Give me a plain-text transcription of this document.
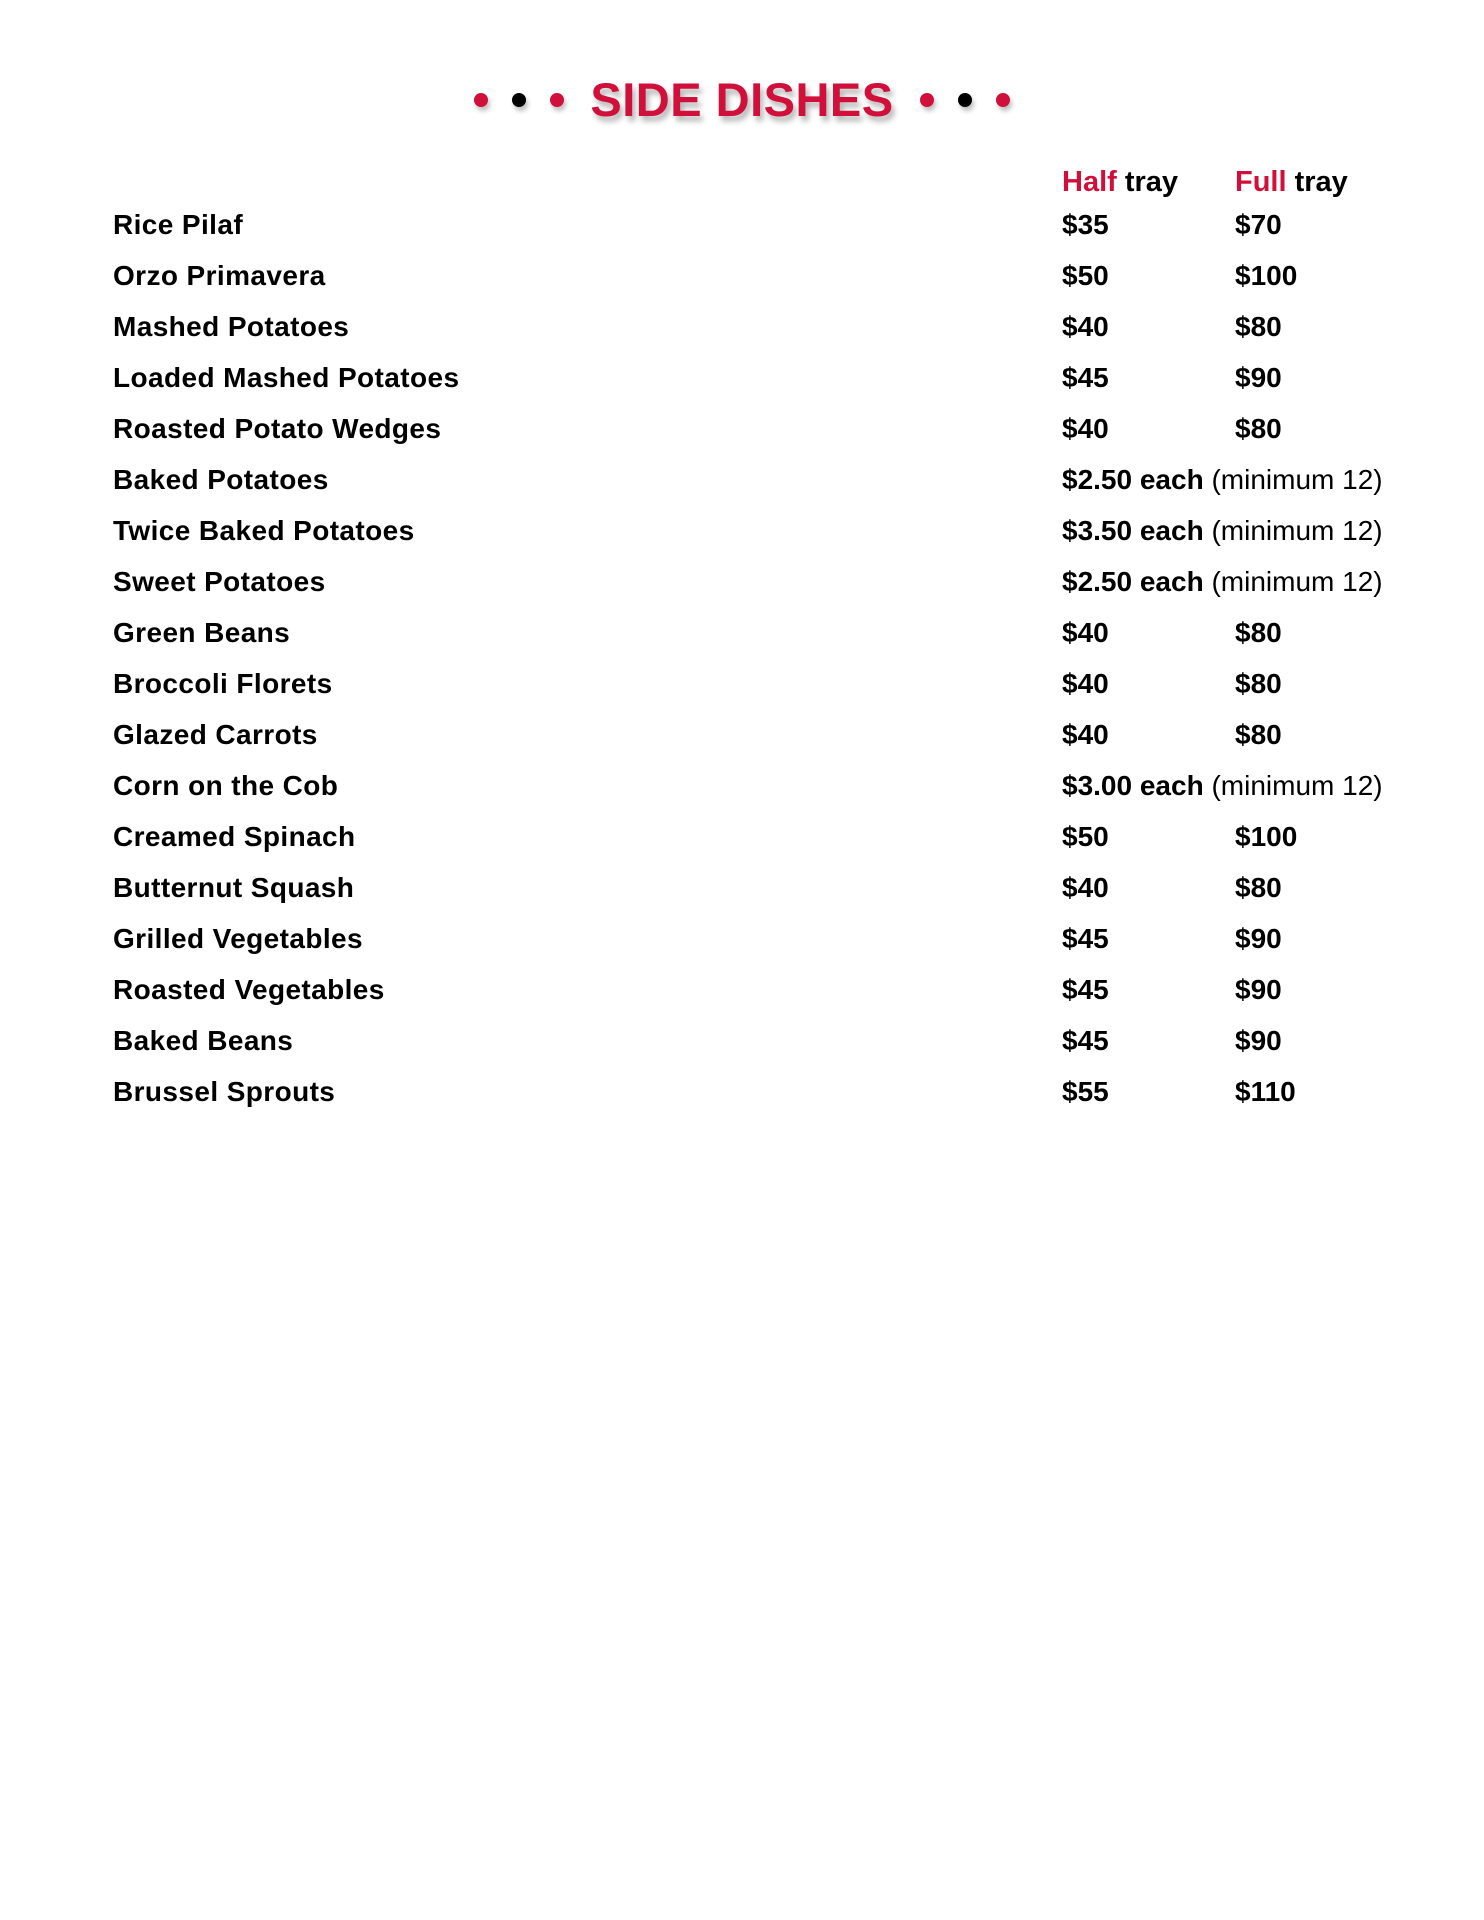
SIDE DISHES
Half tray Full tray
Rice Pilaf	$35	$70
Orzo Primavera	$50	$100
Mashed Potatoes	$40	$80
Loaded Mashed Potatoes	$45	$90
Roasted Potato Wedges	$40	$80
Baked Potatoes	$2.50 each (minimum 12)
Twice Baked Potatoes	$3.50 each (minimum 12)
Sweet Potatoes	$2.50 each (minimum 12)
Green Beans	$40	$80
Broccoli Florets	$40	$80
Glazed Carrots	$40	$80
Corn on the Cob	$3.00 each (minimum 12)
Creamed Spinach	$50	$100
Butternut Squash	$40	$80
Grilled Vegetables	$45	$90
Roasted Vegetables	$45	$90
Baked Beans	$45	$90
Brussel Sprouts	$55	$110
